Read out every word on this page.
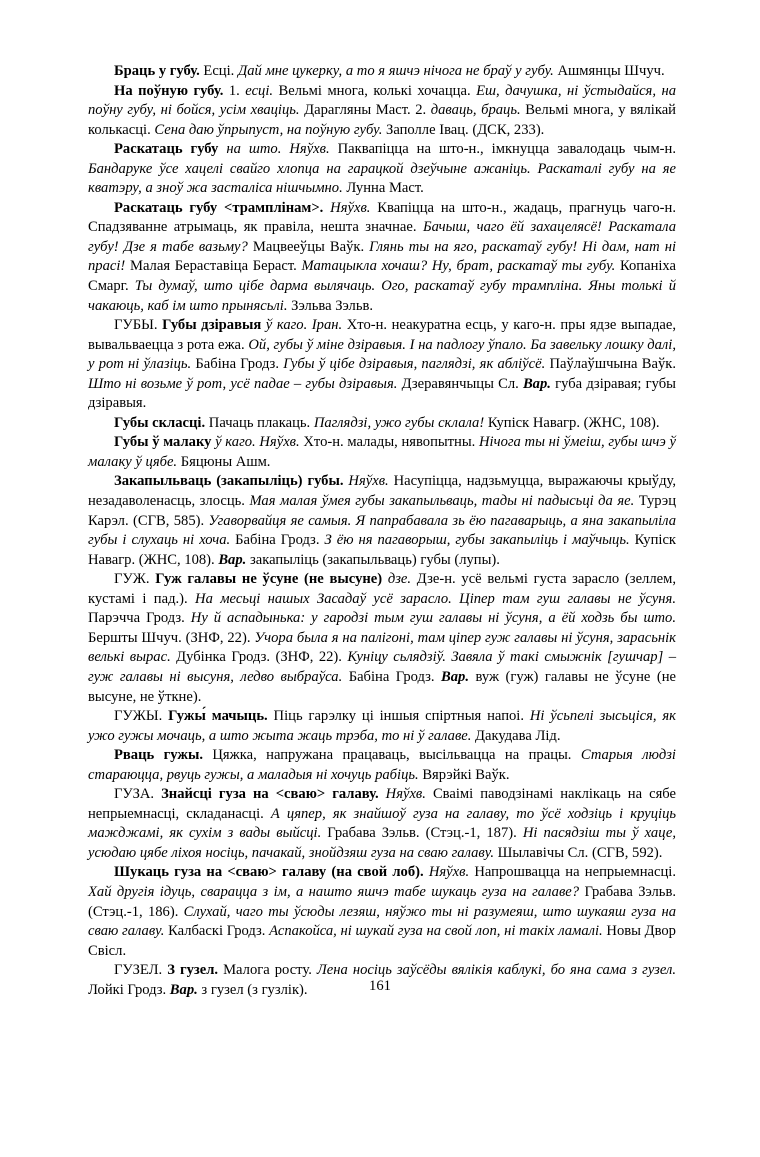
Браць у губу. Есці. Дай мне цукерку, а то я яшчэ нічога не браў у губу. Ашмянцы Шчуч.

На поўную губу. 1. есці. Вельмі многа, колькі хочацца. Еш, дачушка, ні ўстыдайся, на поўну губу, ні бойся, усім хваціць. Дарагляны Маст. 2. даваць, браць. Вельмі многа, у вялікай колькасці. Сена даю ўпрыпуст, на поўную губу. Заполле Івац. (ДСК, 233).

Раскатаць губу на што. Няўхв. Паквапіцца на што-н., імкнуцца завалодаць чым-н. Бандаруке ўсе хацелі свайго хлопца на гарацкой дзеўчыне ажаніць. Раскаталі губу на яе кватэру, а зноў жа засталіса нішчымно. Лунна Маст.

Раскатаць губу <трамплінам>. Няўхв. Квапіцца на што-н., жадаць, прагнуць чаго-н. Спадзяванне атрымаць, як правіла, нешта значнае. Бачыш, чаго ёй захацелясё! Раскатала губу! Дзе я табе вазьму? Мацвееўцы Ваўк. Глянь ты на яго, раскатаў губу! Ні дам, нат ні прасі! Малая Бераставіца Бераст. Матацыкла хочаш? Ну, брат, раскатаў ты губу. Копаніха Смарг. Ты думаў, што цібе дарма вылячаць. Ого, раскатаў губу трампліна. Яны толькі й чакаюць, каб ім што прынясьлі. Зэльва Зэльв.

ГУБЫ. Губы дзіравыя ў каго. Іран. Хто-н. неакуратна есць, у каго-н. пры ядзе выпадае, вывальваецца з рота ежа. Ой, губы ў міне дзіравыя. І на падлогу ўпало. Ба завельку лошку далі, у рот ні ўлазіць. Бабіна Гродз. Губы ў цібе дзіравыя, паглядзі, як абліўсё. Паўлаўшчына Ваўк. Што ні возьме ў рот, усё падае – губы дзіравыя. Дзеравянчыцы Сл. Вар. губа дзіравая; губы дзіравыя.

Губы скласці. Пачаць плакаць. Паглядзі, ужо губы склала! Купіск Навагр. (ЖНС, 108).

Губы ў малаку ў каго. Няўхв. Хто-н. малады, нявопытны. Нічога ты ні ўмеіш, губы шчэ ў малаку ў цябе. Бяцюны Ашм.

Закапыльваць (закапыліць) губы. Няўхв. Насупіцца, надзьмуцца, выражаючы крыўду, незадаволенасць, злосць. Мая малая ўмея губы закапыльваць, тады ні падысьці да яе. Турэц Карэл. (СГВ, 585). Угаворвайця яе самыя. Я папрабавала зь ёю пагаварыць, а яна закапыліла губы і слухаць ні хоча. Бабіна Гродз. З ёю ня пагаворыш, губы закапыліць і маўчыць. Купіск Навагр. (ЖНС, 108). Вар. закапыліць (закапыльваць) губы (лупы).

ГУЖ. Гуж галавы не ўсуне (не высуне) дзе. Дзе-н. усё вельмі густа зарасло (зеллем, кустамі і пад.). На месьці нашых Засадаў усё зарасло. Ціпер там гуш галавы не ўсуня. Парэчча Гродз. Ну й аспадынька: у гародзі тым гуш галавы ні ўсуня, а ёй ходзь бы што. Бершты Шчуч. (ЗНФ, 22). Учора была я на палігоні, там ціпер гуж галавы ні ўсуня, зарасьнік велькі вырас. Дубінка Гродз. (ЗНФ, 22). Куніцу сьлядзіў. Завяла ў такі смыжнік [гушчар] – гуж галавы ні высуня, ледво выбраўса. Бабіна Гродз. Вар. вуж (гуж) галавы не ўсуне (не высуне, не ўткне).

ГУЖЫ. Гужы́ мачыць. Піць гарэлку ці іншыя спіртныя напоі. Ні ўсьпелі зысьціся, як ужо гужы мочаць, а што жыта жаць трэба, то ні ў галаве. Дакудава Лід.

Рваць гужы. Цяжка, напружана працаваць, высільвацца на працы. Старыя людзі стараюцца, рвуць гужы, а маладыя ні хочуць рабіць. Вярэйкі Ваўк.

ГУЗА. Знайсці гуза на <сваю> галаву. Няўхв. Сваімі паводзінамі наклікаць на сябе непрыемнасці, складанасці. А цяпер, як знайшоў гуза на галаву, то ўсё ходзіць і круціць мажджамі, як сухім з вады выйсці. Грабава Зэльв. (Стэц.-1, 187). Ні пасядзіш ты ў хаце, усюдаю цябе ліхоя носіць, пачакай, знойдзяш гуза на сваю галаву. Шылавічы Сл. (СГВ, 592).

Шукаць гуза на <сваю> галаву (на свой лоб). Няўхв. Напрошвацца на непрыемнасці. Хай другія ідуць, сварацца з ім, а нашто яшчэ табе шукаць гуза на галаве? Грабава Зэльв. (Стэц.-1, 186). Слухай, чаго ты ўсюды лезяш, няўжо ты ні разумеяш, што шукаяш гуза на сваю галаву. Калбаскі Гродз. Аспакойса, ні шукай гуза на свой лоп, ні такіх ламалі. Новы Двор Свісл.

ГУЗЕЛ. З гузел. Малога росту. Лена носіць заўсёды вялікія каблукі, бо яна сама з гузел. Лойкі Гродз. Вар. з гузел (з гузлік).	161
